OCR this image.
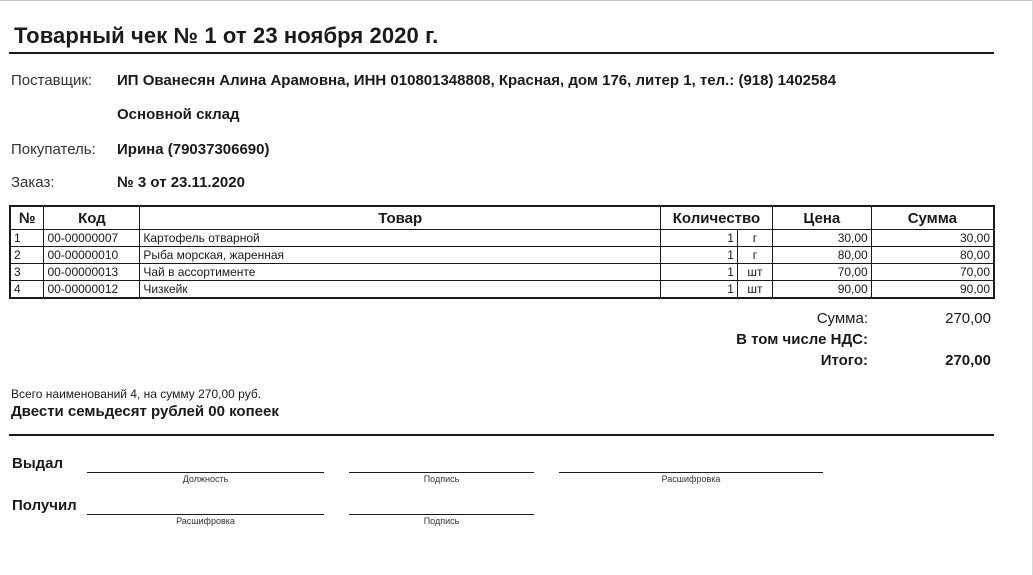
Товарный чек № 1 от 23 ноября 2020 г.
Поставщик: ИП Ованесян Алина Арамовна, ИНН 010801348808, Красная, дом 176, литер 1, тел.: (918) 1402584
Основной склад
Покупатель: Ирина (79037306690)
Заказ:	№ 3 от 23.11.2020
№	Код	Товар	Количество		Цена	Сумма
1	00-00000007	Картофель отварной	1	г	30,00	30,00
2	00-00000010	Рыба морская, жаренная	1	г	80,00	80,00
3	00-00000013	Чай в ассортименте	1	шт	70,00	70,00
4	00-00000012	Чизкейк	1	шт	90,00	90,00
Сумма:	270,00
В том числе НДС:
Итого:	270,00
Всего наименований 4, на сумму 270,00 руб.
Двести семьдесят рублей 00 копеек
Выдал
Должность	Подпись	Расшифровка
Получил
Расшифровка	Подпись
